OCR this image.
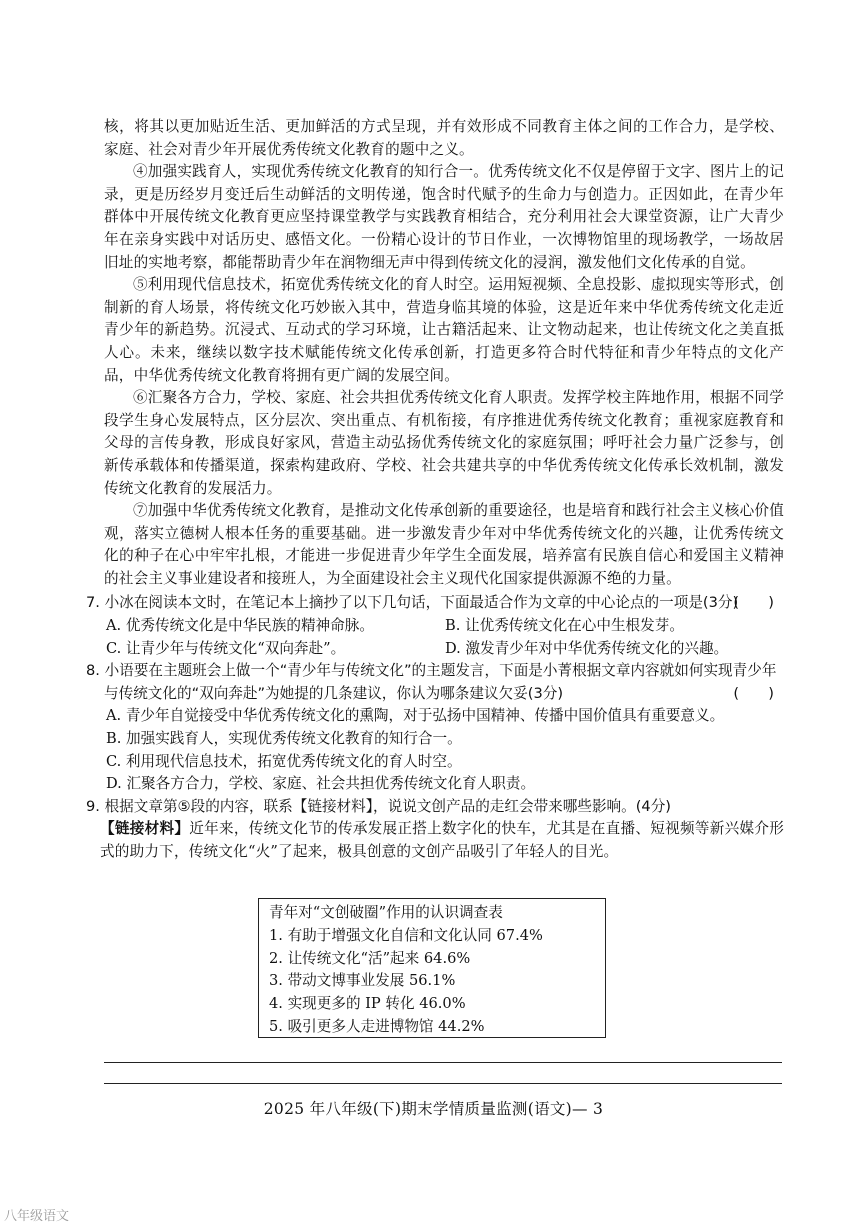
核，将其以更加贴近生活、更加鲜活的方式呈现，并有效形成不同教育主体之间的工作合力，是学校、家庭、社会对青少年开展优秀传统文化教育的题中之义。

④加强实践育人，实现优秀传统文化教育的知行合一。优秀传统文化不仅是停留于文字、图片上的记录，更是历经岁月变迁后生动鲜活的文明传递，饱含时代赋予的生命力与创造力。正因如此，在青少年群体中开展传统文化教育更应坚持课堂教学与实践教育相结合，充分利用社会大课堂资源，让广大青少年在亲身实践中对话历史、感悟文化。一份精心设计的节日作业，一次博物馆里的现场教学，一场故居旧址的实地考察，都能帮助青少年在润物细无声中得到传统文化的浸润，激发他们文化传承的自觉。

⑤利用现代信息技术，拓宽优秀传统文化的育人时空。运用短视频、全息投影、虚拟现实等形式，创制新的育人场景，将传统文化巧妙嵌入其中，营造身临其境的体验，这是近年来中华优秀传统文化走近青少年的新趋势。沉浸式、互动式的学习环境，让古籍活起来、让文物动起来，也让传统文化之美直抵人心。未来，继续以数字技术赋能传统文化传承创新，打造更多符合时代特征和青少年特点的文化产品，中华优秀传统文化教育将拥有更广阔的发展空间。

⑥汇聚各方合力，学校、家庭、社会共担优秀传统文化育人职责。发挥学校主阵地作用，根据不同学段学生身心发展特点，区分层次、突出重点、有机衔接，有序推进优秀传统文化教育；重视家庭教育和父母的言传身教，形成良好家风，营造主动弘扬优秀传统文化的家庭氛围；呼吁社会力量广泛参与，创新传承载体和传播渠道，探索构建政府、学校、社会共建共享的中华优秀传统文化传承长效机制，激发传统文化教育的发展活力。

⑦加强中华优秀传统文化教育，是推动文化传承创新的重要途径，也是培育和践行社会主义核心价值观，落实立德树人根本任务的重要基础。进一步激发青少年对中华优秀传统文化的兴趣，让优秀传统文化的种子在心中牢牢扎根，才能进一步促进青少年学生全面发展，培养富有民族自信心和爱国主义精神的社会主义事业建设者和接班人，为全面建设社会主义现代化国家提供源源不绝的力量。

7. 小冰在阅读本文时，在笔记本上摘抄了以下几句话，下面最适合作为文章的中心论点的一项是(3分)
(　　)
A. 优秀传统文化是中华民族的精神命脉。	B. 让优秀传统文化在心中生根发芽。
C. 让青少年与传统文化“双向奔赴”。	D. 激发青少年对中华优秀传统文化的兴趣。
8. 小语要在主题班会上做一个“青少年与传统文化”的主题发言，下面是小菁根据文章内容就如何实现青少年与传统文化的“双向奔赴”为她提的几条建议，你认为哪条建议欠妥(3分)	(　　)

A. 青少年自觉接受中华优秀传统文化的熏陶，对于弘扬中国精神、传播中国价值具有重要意义。

B. 加强实践育人，实现优秀传统文化教育的知行合一。

C. 利用现代信息技术，拓宽优秀传统文化的育人时空。

D. 汇聚各方合力，学校、家庭、社会共担优秀传统文化育人职责。

9. 根据文章第⑤段的内容，联系【链接材料】，说说文创产品的走红会带来哪些影响。(4分)

【链接材料】近年来，传统文化节的传承发展正搭上数字化的快车，尤其是在直播、短视频等新兴媒介形式的助力下，传统文化“火”了起来，极具创意的文创产品吸引了年轻人的目光。

青年对“文创破圈”作用的认识调查表
1. 有助于增强文化自信和文化认同 67.4%
2. 让传统文化“活”起来 64.6%
3. 带动文博事业发展 56.1%
4. 实现更多的 IP 转化 46.0%
5. 吸引更多人走进博物馆 44.2%
2025 年八年级(下)期末学情质量监测(语文)— 3
八年级语文
